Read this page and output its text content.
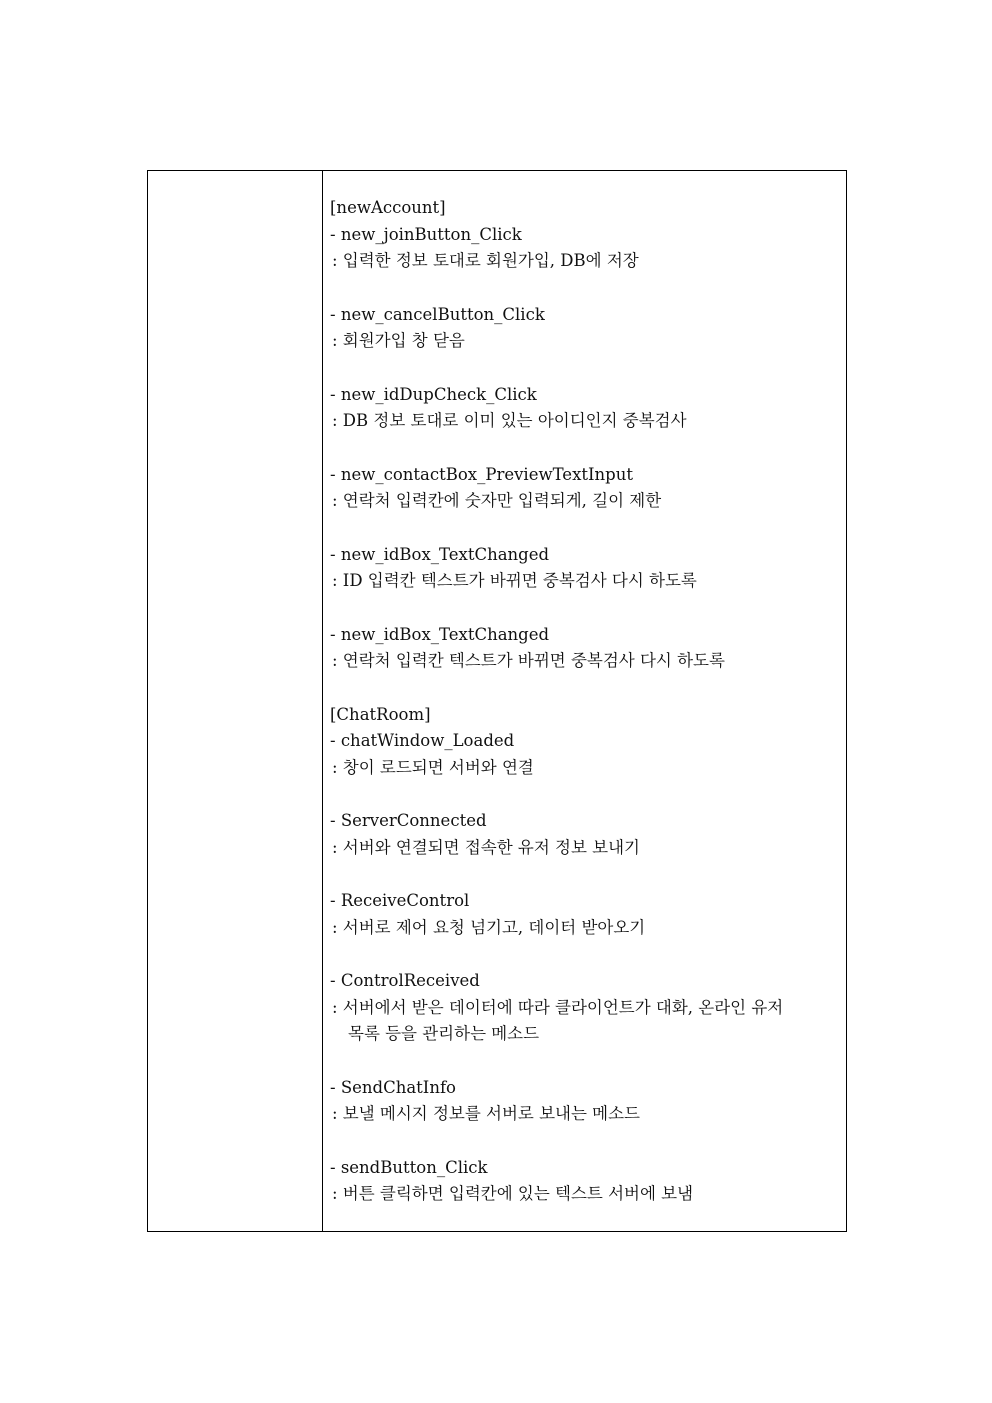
[newAccount]
- new_joinButton_Click
: 입력한 정보 토대로 회원가입, DB에 저장
- new_cancelButton_Click
: 회원가입 창 닫음
- new_idDupCheck_Click
: DB 정보 토대로 이미 있는 아이디인지 중복검사
- new_contactBox_PreviewTextInput
: 연락처 입력칸에 숫자만 입력되게, 길이 제한
- new_idBox_TextChanged
: ID 입력칸 텍스트가 바뀌면 중복검사 다시 하도록
- new_idBox_TextChanged
: 연락처 입력칸 텍스트가 바뀌면 중복검사 다시 하도록
[ChatRoom]
- chatWindow_Loaded
: 창이 로드되면 서버와 연결
- ServerConnected
: 서버와 연결되면 접속한 유저 정보 보내기
- ReceiveControl
: 서버로 제어 요청 넘기고, 데이터 받아오기
- ControlReceived
: 서버에서 받은 데이터에 따라 클라이언트가 대화, 온라인 유저
목록 등을 관리하는 메소드
- SendChatInfo
: 보낼 메시지 정보를 서버로 보내는 메소드
- sendButton_Click
: 버튼 클릭하면 입력칸에 있는 텍스트 서버에 보냄
